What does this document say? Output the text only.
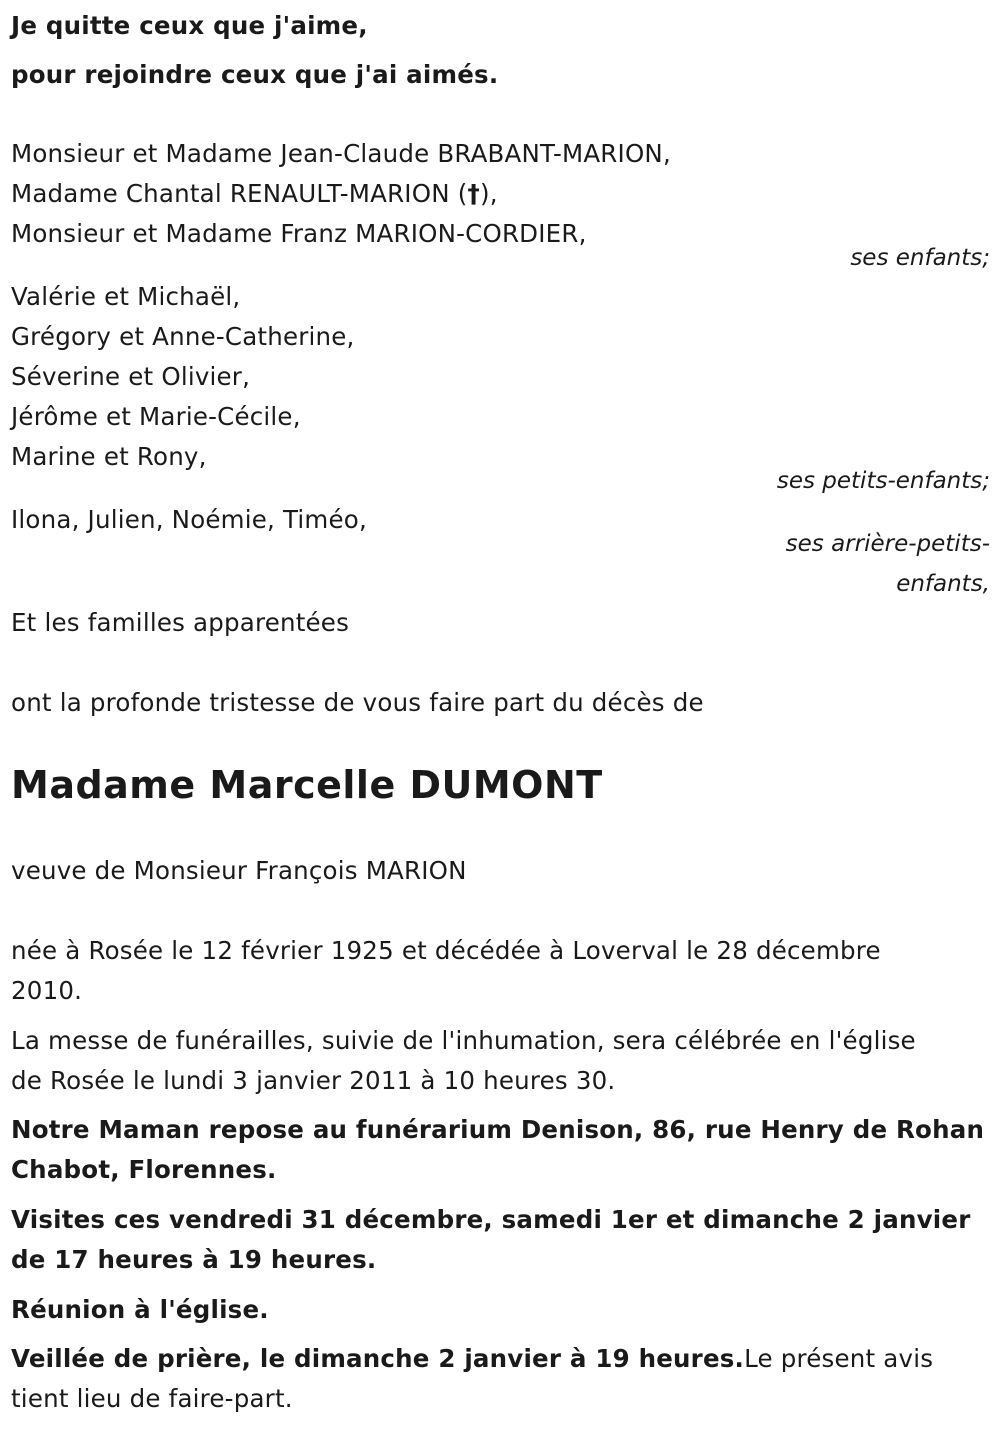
Je quitte ceux que j'aime,
pour rejoindre ceux que j'ai aimés.
Monsieur et Madame Jean-Claude BRABANT-MARION,
Madame Chantal RENAULT-MARION (†),
Monsieur et Madame Franz MARION-CORDIER,
ses enfants;
Valérie et Michaël,
Grégory et Anne-Catherine,
Séverine et Olivier,
Jérôme et Marie-Cécile,
Marine et Rony,
ses petits-enfants;
Ilona, Julien, Noémie, Timéo,
ses arrière-petits-
enfants,
Et les familles apparentées
ont la profonde tristesse de vous faire part du décès de
Madame Marcelle DUMONT
veuve de Monsieur François MARION
née à Rosée le 12 février 1925 et décédée à Loverval le 28 décembre
2010.
La messe de funérailles, suivie de l'inhumation, sera célébrée en l'église
de Rosée le lundi 3 janvier 2011 à 10 heures 30.
Notre Maman repose au funérarium Denison, 86, rue Henry de Rohan
Chabot, Florennes.
Visites ces vendredi 31 décembre, samedi 1er et dimanche 2 janvier
de 17 heures à 19 heures.
Réunion à l'église.
Veillée de prière, le dimanche 2 janvier à 19 heures.Le présent avis
tient lieu de faire-part.
